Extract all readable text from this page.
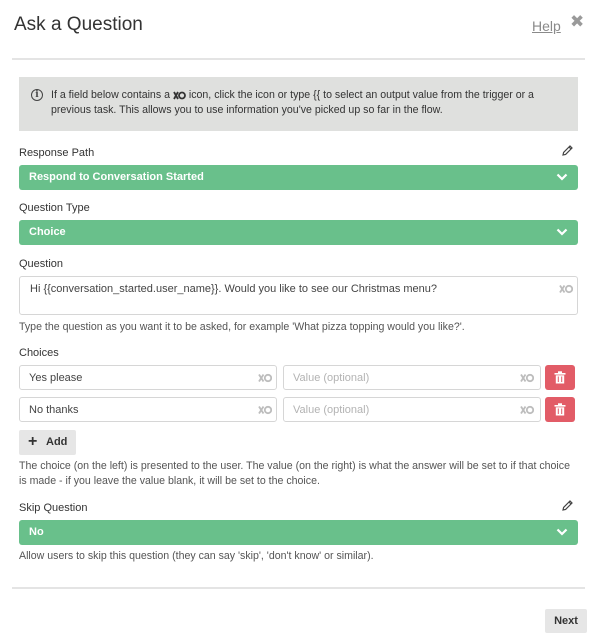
Ask a Question	Help ✖
i	If a field below contains a icon, click the icon or type {{ to select an output value from the trigger or a previous task. This allows you to use information you've picked up so far in the flow.
Response Path
Respond to Conversation Started
Question Type
Choice
Question
Hi {{conversation_started.user_name}}. Would you like to see our Christmas menu?
Type the question as you want it to be asked, for example 'What pizza topping would you like?'.
Choices
Yes please	Value (optional)
No thanks	Value (optional)
+ Add
The choice (on the left) is presented to the user. The value (on the right) is what the answer will be set to if that choice is made - if you leave the value blank, it will be set to the choice.
Skip Question
No
Allow users to skip this question (they can say 'skip', 'don't know' or similar).
Next
